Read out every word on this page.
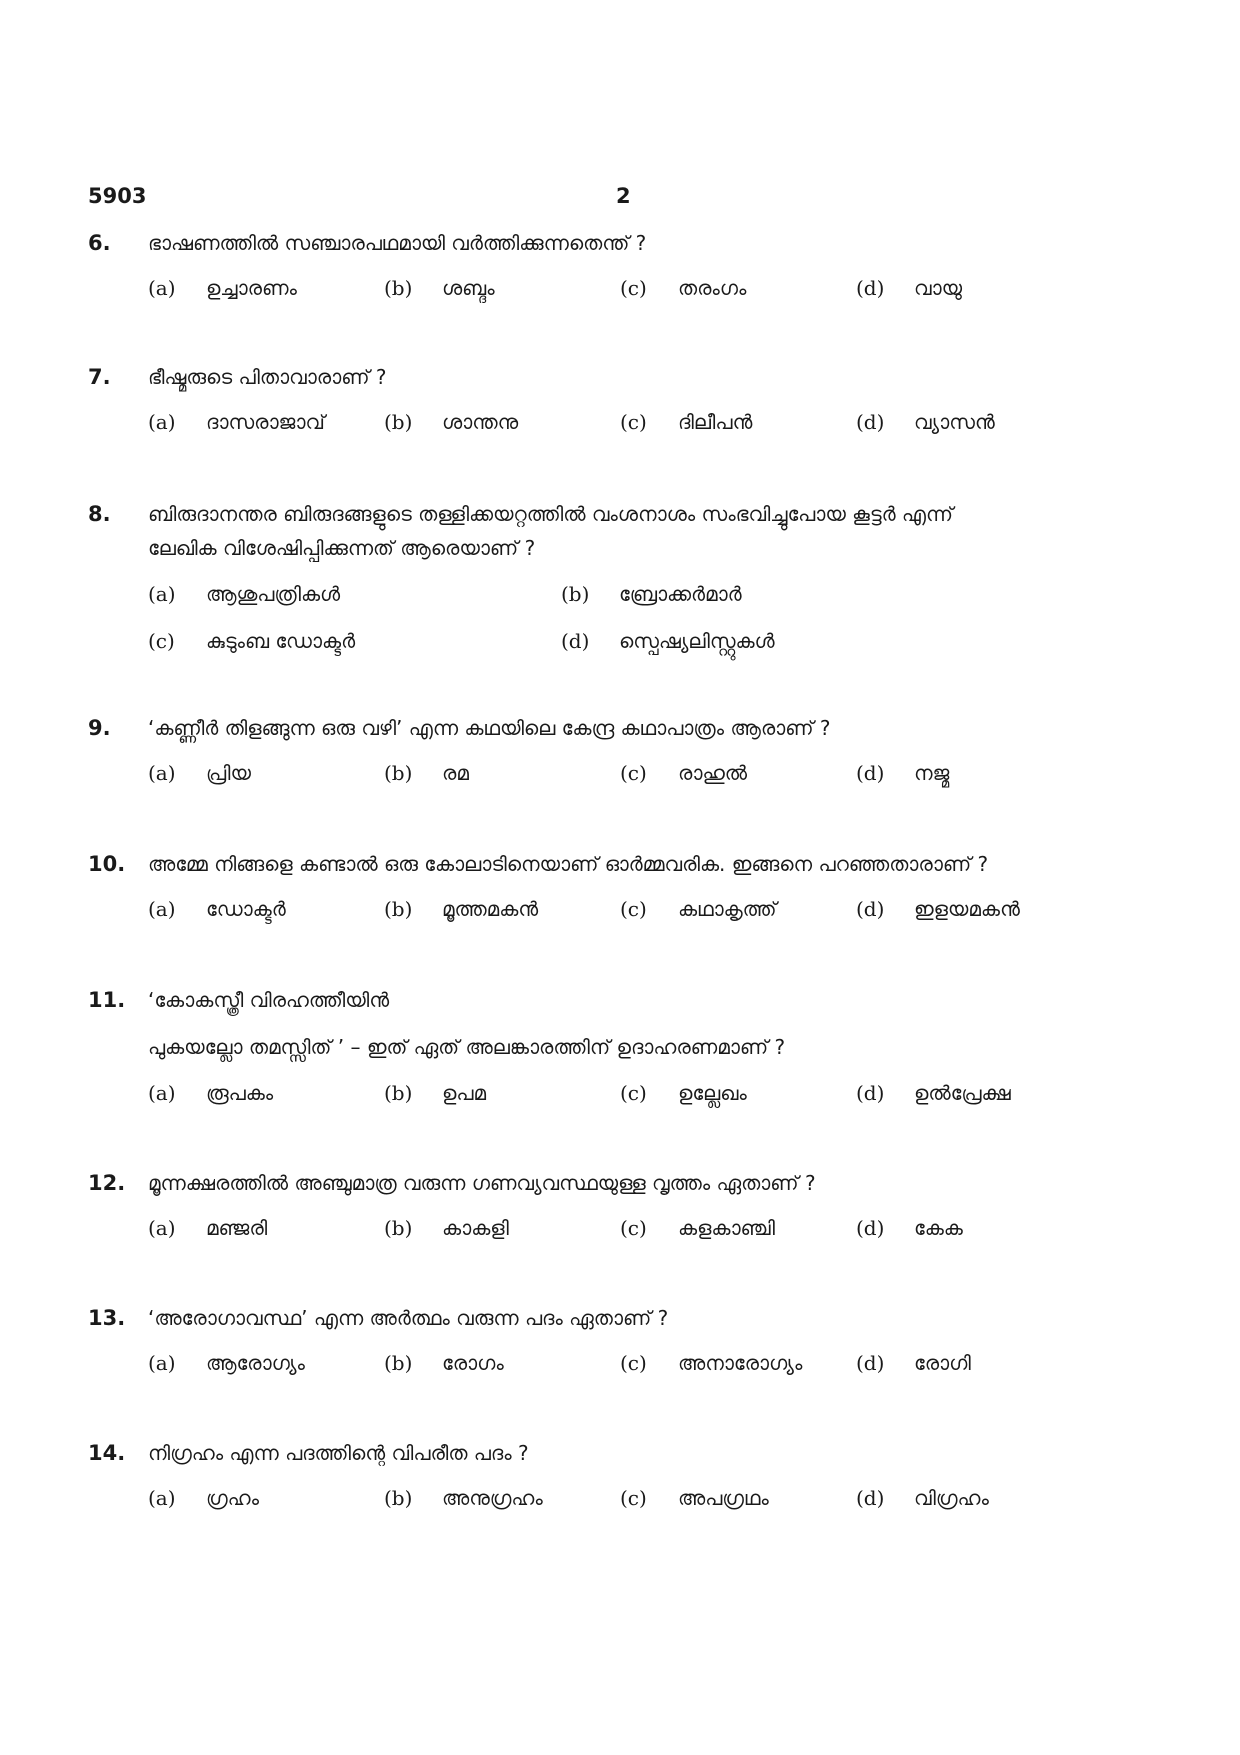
5903	2
6. ഭാഷണത്തിൽ സഞ്ചാരപഥമായി വർത്തിക്കുന്നതെന്ത് ?
(a) ഉച്ചാരണം	(b) ശബ്ദം	(c) തരംഗം	(d) വായു
7. ഭീഷ്മരുടെ പിതാവാരാണ് ?
(a) ദാസരാജാവ്	(b) ശാന്തനു	(c) ദിലീപൻ	(d) വ്യാസൻ
8. ബിരുദാനന്തര ബിരുദങ്ങളുടെ തള്ളിക്കയറ്റത്തിൽ വംശനാശം സംഭവിച്ചുപോയ കൂട്ടർ എന്ന്
ലേഖിക വിശേഷിപ്പിക്കുന്നത് ആരെയാണ് ?
(a) ആശുപത്രികൾ	(b) ബ്രോക്കർമാർ
(c) കുടുംബ ഡോക്ടർ	(d) സ്പെഷ്യലിസ്റ്റുകൾ
9. ‘കണ്ണീർ തിളങ്ങുന്ന ഒരു വഴി’ എന്ന കഥയിലെ കേന്ദ്ര കഥാപാത്രം ആരാണ് ?
(a) പ്രിയ	(b) രമ	(c) രാഹുൽ	(d) നജ്മ
10. അമ്മേ നിങ്ങളെ കണ്ടാൽ ഒരു കോലാടിനെയാണ് ഓർമ്മവരിക. ഇങ്ങനെ പറഞ്ഞതാരാണ് ?
(a) ഡോക്ടർ	(b) മൂത്തമകൻ	(c) കഥാകൃത്ത്	(d) ഇളയമകൻ
11. ‘കോകസ്ത്രീ വിരഹത്തീയിൻ
പുകയല്ലോ തമസ്സിത് ’ – ഇത് ഏത് അലങ്കാരത്തിന് ഉദാഹരണമാണ് ?
(a) രൂപകം	(b) ഉപമ	(c) ഉല്ലേഖം	(d) ഉൽപ്രേക്ഷ
12. മൂന്നക്ഷരത്തിൽ അഞ്ചുമാത്ര വരുന്ന ഗണവ്യവസ്ഥയുള്ള വൃത്തം ഏതാണ് ?
(a) മഞ്ജരി	(b) കാകളി	(c) കളകാഞ്ചി	(d) കേക
13. ‘അരോഗാവസ്ഥ’ എന്ന അർത്ഥം വരുന്ന പദം ഏതാണ് ?
(a) ആരോഗ്യം	(b) രോഗം	(c) അനാരോഗ്യം	(d) രോഗി
14. നിഗ്രഹം എന്ന പദത്തിന്റെ വിപരീത പദം ?
(a) ഗ്രഹം	(b) അനുഗ്രഹം	(c) അപഗ്രഥം	(d) വിഗ്രഹം
